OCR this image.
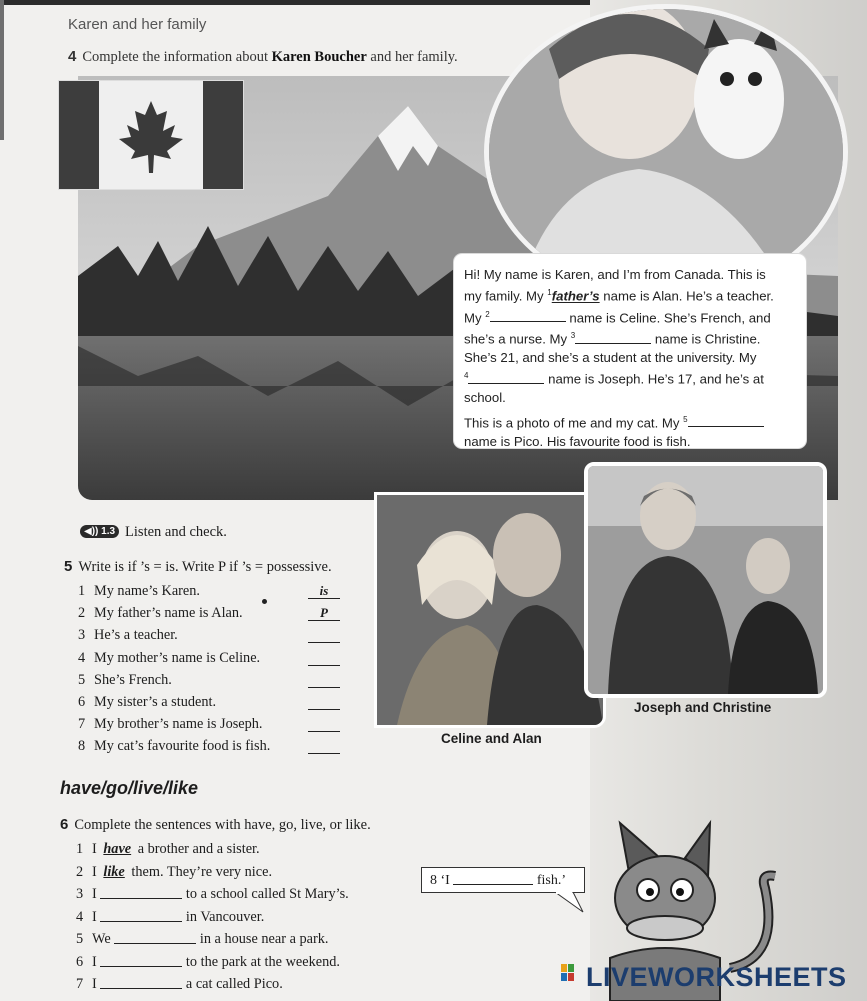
Karen and her family
4 Complete the information about Karen Boucher and her family.

Hi! My name is Karen, and I’m from Canada. This is
my family. My $^1$father’s name is Alan. He’s a teacher.
My $^2$	name is Celine. She’s French, and
she’s a nurse. My $^3$	name is Christine.
She’s 21, and she’s a student at the university. My
$^4$	name is Joseph. He’s 17, and he’s at
school.

This is a photo of me and my cat. My $^5$
name is Pico. His favourite food is fish.

Celine and Alan
Joseph and Christine
◀)) 1.3 Listen and check.
5 Write is if ’s = is. Write P if ’s = possessive.
1 My name’s Karen.	is
2 My father’s name is Alan.	P
3 He’s a teacher.
4 My mother’s name is Celine.
5 She’s French.
6 My sister’s a student.
7 My brother’s name is Joseph.
8 My cat’s favourite food is fish.
have/go/live/like
6 Complete the sentences with have, go, live, or like.
1 I have a brother and a sister.
2 I like them. They’re very nice.
3 I	to a school called St Mary’s.
4 I	in Vancouver.
5 We	in a house near a park.
6 I	to the park at the weekend.
7 I	a cat called Pico.
8 ‘I	fish.’
LIVEWORKSHEETS
